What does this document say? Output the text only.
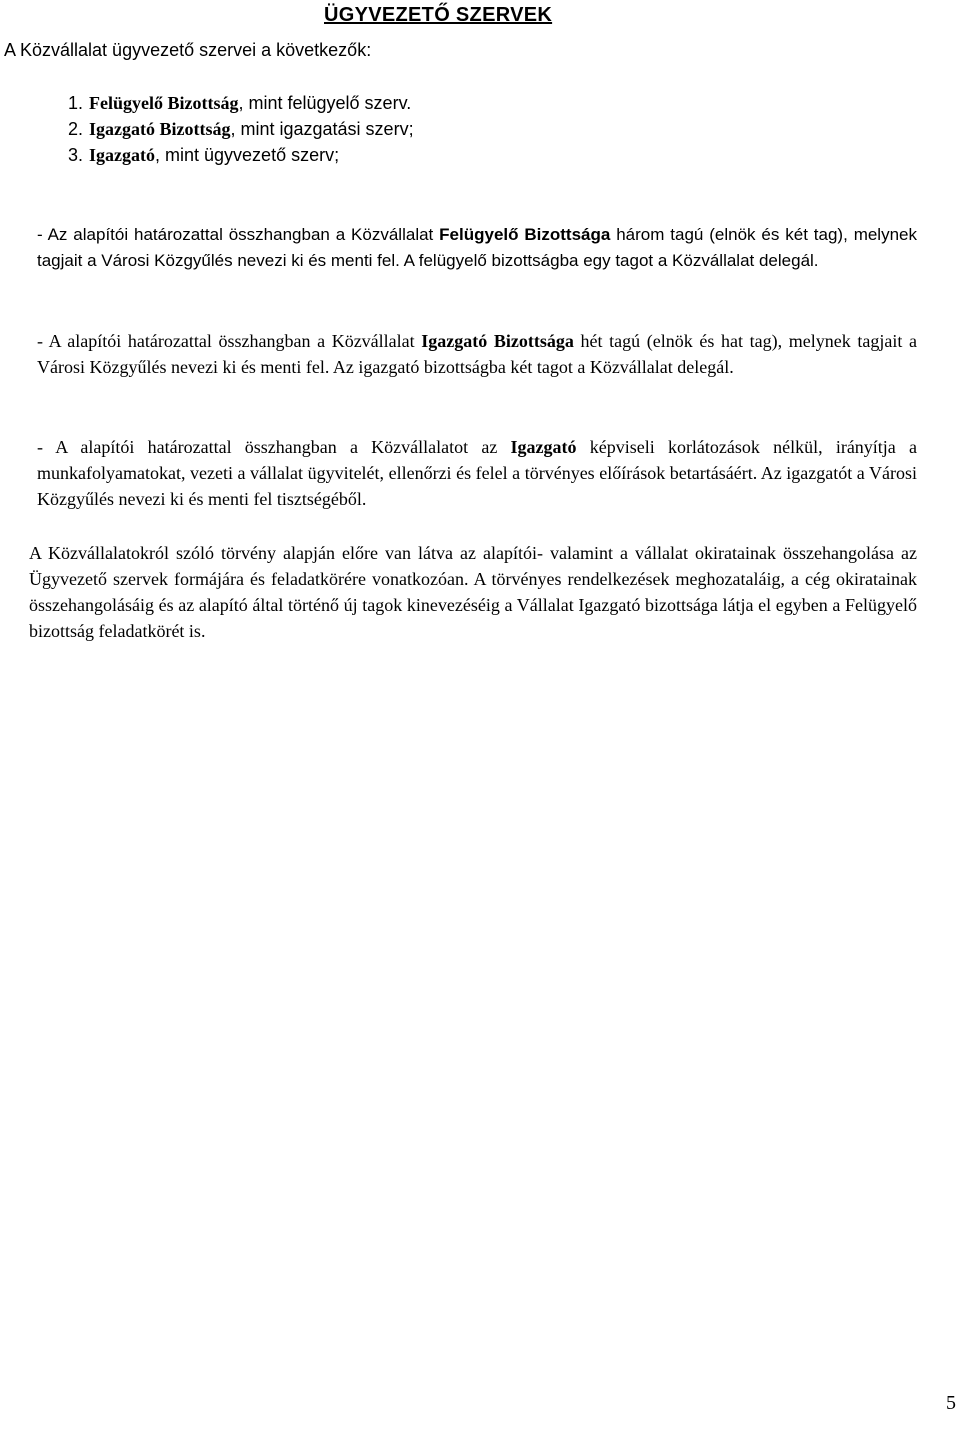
ÜGYVEZETŐ SZERVEK

A Közvállalat ügyvezető szervei a következők:

1. Felügyelő Bizottság, mint felügyelő szerv.
2. Igazgató Bizottság, mint igazgatási szerv;
3. Igazgató, mint ügyvezető szerv;

- Az alapítói határozattal összhangban a Közvállalat Felügyelő Bizottsága három tagú (elnök és két tag), melynek tagjait a Városi Közgyűlés nevezi ki és menti fel. A felügyelő bizottságba egy tagot a Közvállalat delegál.

- A alapítói határozattal összhangban a Közvállalat Igazgató Bizottsága hét tagú (elnök és hat tag), melynek tagjait a Városi Közgyűlés nevezi ki és menti fel. Az igazgató bizottságba két tagot a Közvállalat delegál.

- A alapítói határozattal összhangban a Közvállalatot az Igazgató képviseli korlátozások nélkül, irányítja a munkafolyamatokat, vezeti a vállalat ügyvitelét, ellenőrzi és felel a törvényes előírások betartásáért. Az igazgatót a Városi Közgyűlés nevezi ki és menti fel tisztségéből.

A Közvállalatokról szóló törvény alapján előre van látva az alapítói- valamint a vállalat okiratainak összehangolása az Ügyvezető szervek formájára és feladatkörére vonatkozóan. A törvényes rendelkezések meghozataláig, a cég okiratainak összehangolásáig és az alapító által történő új tagok kinevezéséig a Vállalat Igazgató bizottsága látja el egyben a Felügyelő bizottság feladatkörét is.

5
